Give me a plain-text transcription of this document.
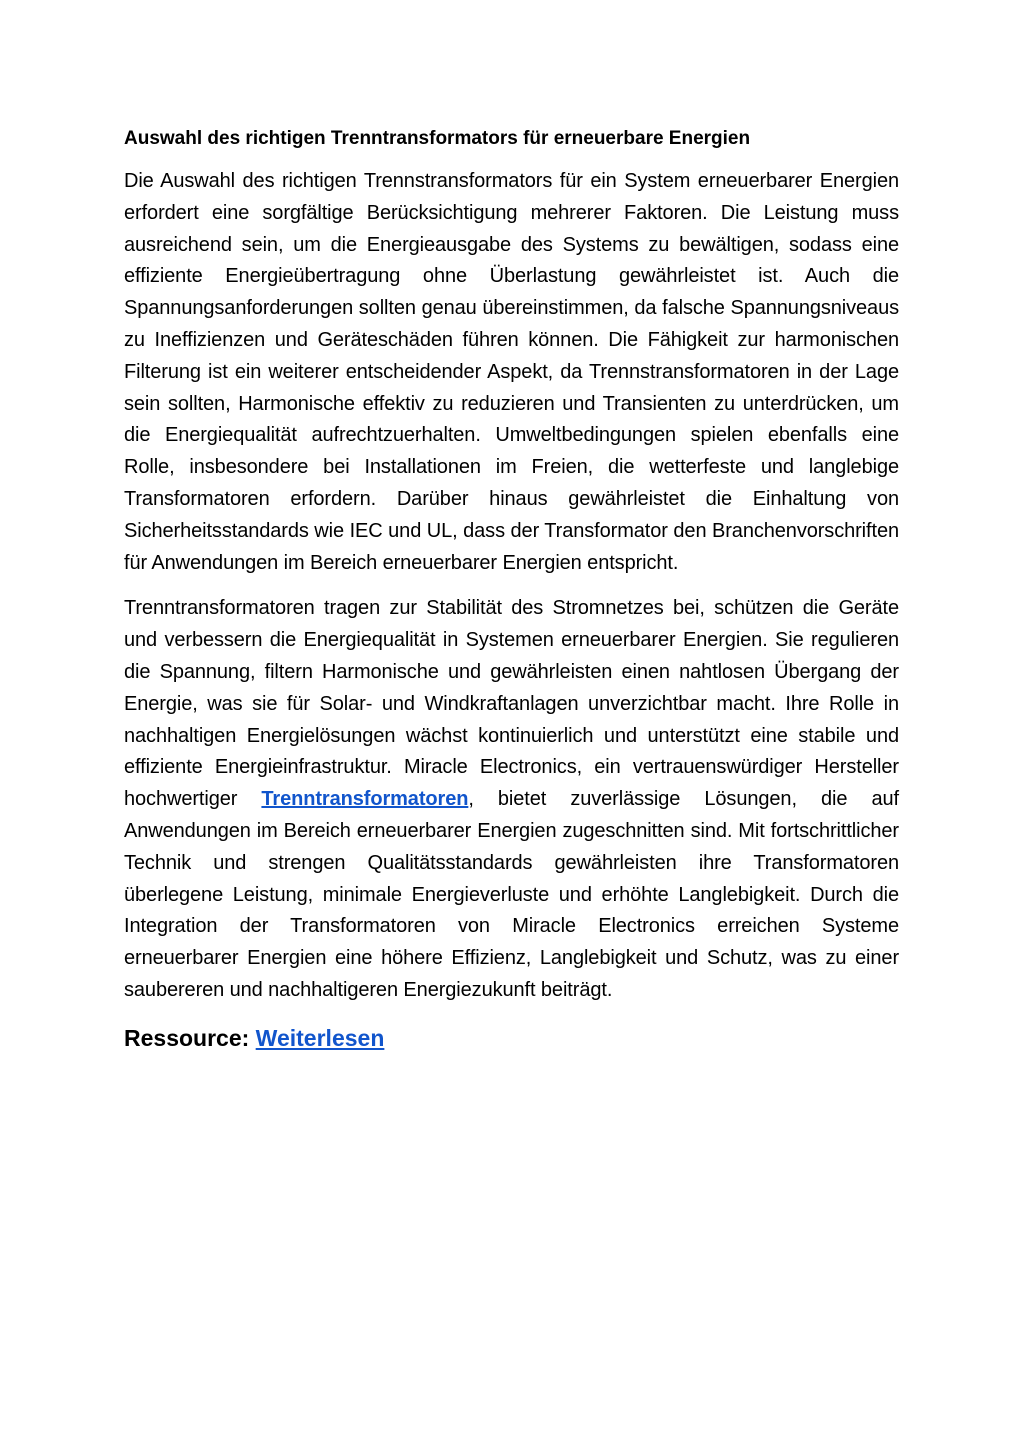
Auswahl des richtigen Trenntransformators für erneuerbare Energien

Die Auswahl des richtigen Trennstransformators für ein System erneuerbarer Energien erfordert eine sorgfältige Berücksichtigung mehrerer Faktoren. Die Leistung muss ausreichend sein, um die Energieausgabe des Systems zu bewältigen, sodass eine effiziente Energieübertragung ohne Überlastung gewährleistet ist. Auch die Spannungsanforderungen sollten genau übereinstimmen, da falsche Spannungsniveaus zu Ineffizienzen und Geräteschäden führen können. Die Fähigkeit zur harmonischen Filterung ist ein weiterer entscheidender Aspekt, da Trennstransformatoren in der Lage sein sollten, Harmonische effektiv zu reduzieren und Transienten zu unterdrücken, um die Energiequalität aufrechtzuerhalten. Umweltbedingungen spielen ebenfalls eine Rolle, insbesondere bei Installationen im Freien, die wetterfeste und langlebige Transformatoren erfordern. Darüber hinaus gewährleistet die Einhaltung von Sicherheitsstandards wie IEC und UL, dass der Transformator den Branchenvorschriften für Anwendungen im Bereich erneuerbarer Energien entspricht.

Trenntransformatoren tragen zur Stabilität des Stromnetzes bei, schützen die Geräte und verbessern die Energiequalität in Systemen erneuerbarer Energien. Sie regulieren die Spannung, filtern Harmonische und gewährleisten einen nahtlosen Übergang der Energie, was sie für Solar- und Windkraftanlagen unverzichtbar macht. Ihre Rolle in nachhaltigen Energielösungen wächst kontinuierlich und unterstützt eine stabile und effiziente Energieinfrastruktur. Miracle Electronics, ein vertrauenswürdiger Hersteller hochwertiger Trenntransformatoren, bietet zuverlässige Lösungen, die auf Anwendungen im Bereich erneuerbarer Energien zugeschnitten sind. Mit fortschrittlicher Technik und strengen Qualitätsstandards gewährleisten ihre Transformatoren überlegene Leistung, minimale Energieverluste und erhöhte Langlebigkeit. Durch die Integration der Transformatoren von Miracle Electronics erreichen Systeme erneuerbarer Energien eine höhere Effizienz, Langlebigkeit und Schutz, was zu einer saubereren und nachhaltigeren Energiezukunft beiträgt.

Ressource: Weiterlesen
